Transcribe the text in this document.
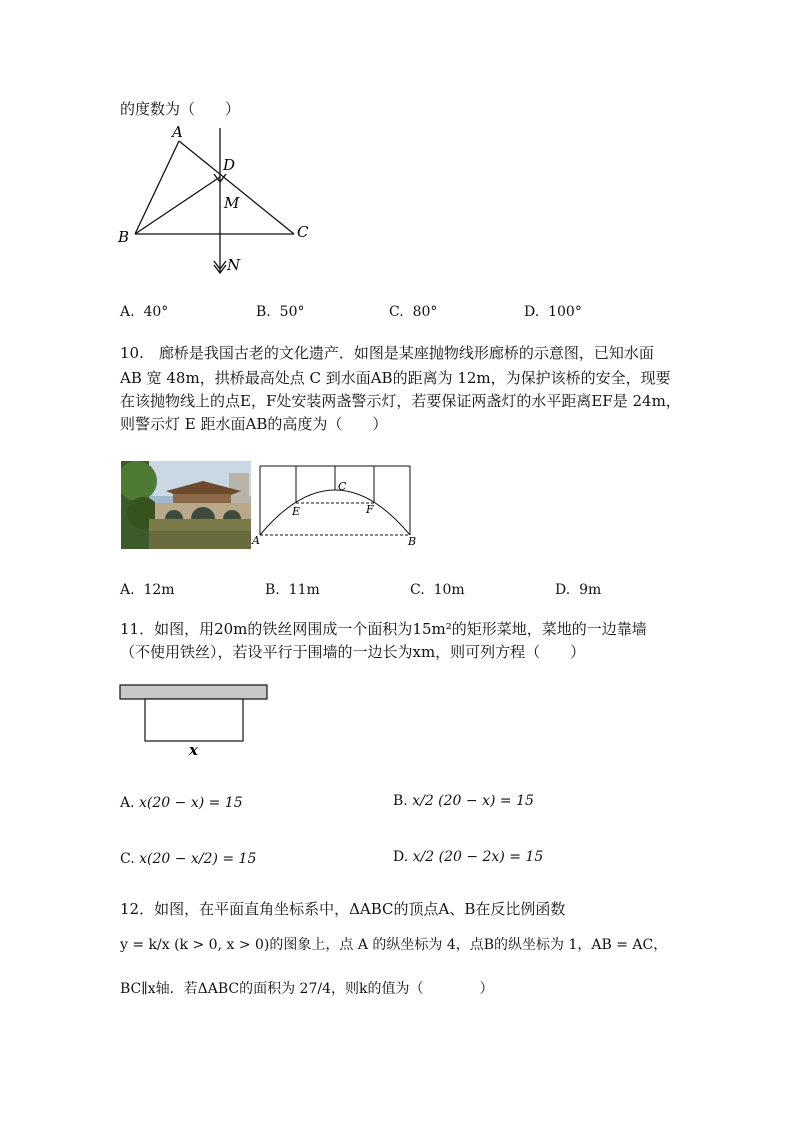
的度数为（　　）
A
B	C
D
M
N
A. 40°	B. 50°	C. 80°	D. 100°
10.　廊桥是我国古老的文化遗产．如图是某座抛物线形廊桥的示意图，已知水面
AB 宽 48m，拱桥最高处点 C 到水面AB的距离为 12m，为保护该桥的安全，现要
在该抛物线上的点E，F处安装两盏警示灯，若要保证两盏灯的水平距离EF是 24m，
则警示灯 E 距水面AB的高度为（　　）
C
E	F
A	B
A. 12m	B. 11m	C. 10m	D. 9m
11．如图，用20m的铁丝网围成一个面积为15m²的矩形菜地，菜地的一边靠墙
（不使用铁丝），若设平行于围墙的一边长为xm，则可列方程（　　）
x
A. x(20 − x) = 15	B. x/2 (20 − x) = 15
C. x(20 − x/2) = 15	D. x/2 (20 − 2x) = 15
12．如图，在平面直角坐标系中，ΔABC的顶点A、B在反比例函数
y = k/x (k > 0, x > 0)的图象上，点 A 的纵坐标为 4，点B的纵坐标为 1，AB = AC，
BC∥x轴．若ΔABC的面积为 27/4，则k的值为（　　　　）
